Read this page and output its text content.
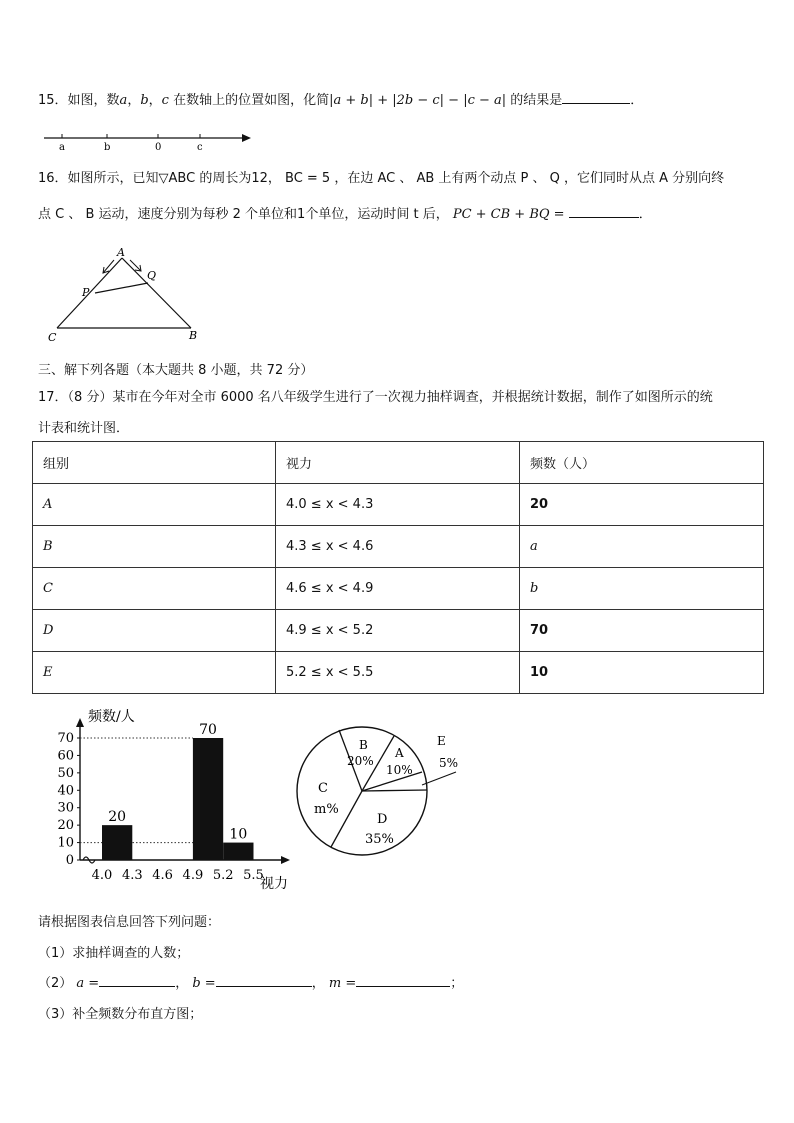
15．如图，数a，b，c 在数轴上的位置如图，化简|a + b| + |2b − c| − |c − a| 的结果是	．
a	b	0	c
16．如图所示，已知▽ABC 的周长为12， BC = 5 ，在边 AC 、 AB 上有两个动点 P 、 Q ，它们同时从点 A 分别向终
点 C 、 B 运动，速度分别为每秒 2 个单位和1个单位，运动时间 t 后， PC + CB + BQ =	．
A
Q
P
C	B
三、解下列各题（本大题共 8 小题，共 72 分）
17．（8 分）某市在今年对全市 6000 名八年级学生进行了一次视力抽样调查，并根据统计数据，制作了如图所示的统
计表和统计图．
组别	视力	频数（人）
A	4.0 ≤ x < 4.3	20
B	4.3 ≤ x < 4.6	a
C	4.6 ≤ x < 4.9	b
D	4.9 ≤ x < 5.2	70
E	5.2 ≤ x < 5.5	10
0
10
20
30
40
50
60
70
4.0 4.3 4.6 4.9 5.2 5.5
频数/人
视力
20
70
10
B
20%
A
10%
E
5%
D
35%
C
m%
请根据图表信息回答下列问题：
（1）求抽样调查的人数；
（2） a =	， b =	， m =	；
（3）补全频数分布直方图；
